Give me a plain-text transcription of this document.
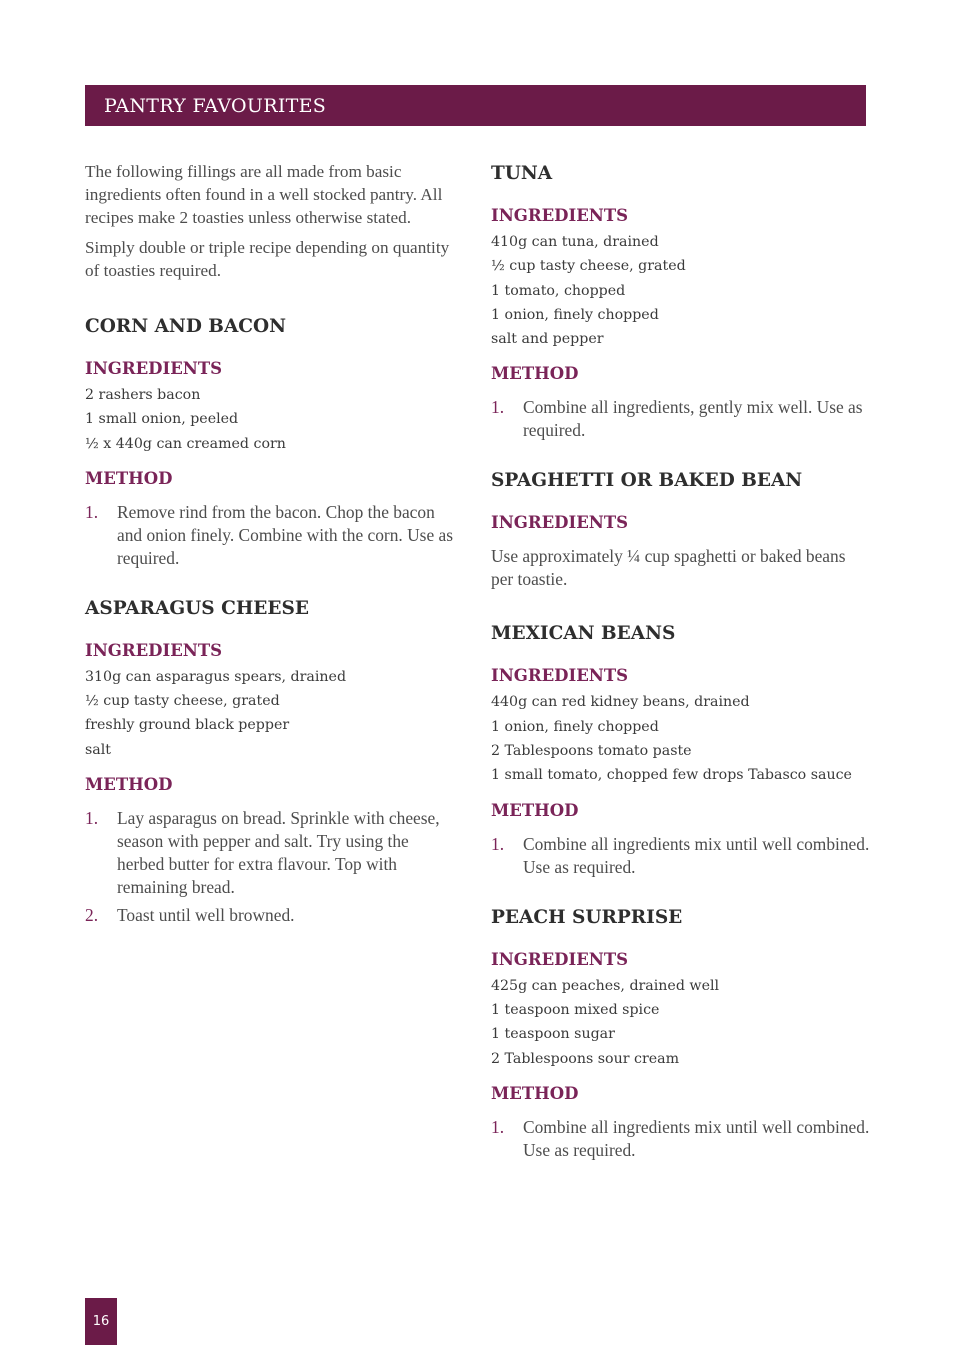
PANTRY FAVOURITES

The following fillings are all made from basic ingredients often found in a well stocked pantry. All recipes make 2 toasties unless otherwise stated.

Simply double or triple recipe depending on quantity of toasties required.

CORN AND BACON
INGREDIENTS
2 rashers bacon
1 small onion, peeled
½ x 440g can creamed corn
METHOD
1.	Remove rind from the bacon. Chop the bacon and onion finely. Combine with the corn. Use as required.
ASPARAGUS CHEESE
INGREDIENTS
310g can asparagus spears, drained
½ cup tasty cheese, grated
freshly ground black pepper
salt
METHOD
1.	Lay asparagus on bread. Sprinkle with cheese, season with pepper and salt. Try using the herbed butter for extra flavour. Top with remaining bread.
2.	Toast until well browned.
TUNA
INGREDIENTS
410g can tuna, drained
½ cup tasty cheese, grated
1 tomato, chopped
1 onion, finely chopped
salt and pepper
METHOD
1.	Combine all ingredients, gently mix well. Use as required.
SPAGHETTI OR BAKED BEAN
INGREDIENTS

Use approximately ¼ cup spaghetti or baked beans per toastie.

MEXICAN BEANS
INGREDIENTS
440g can red kidney beans, drained
1 onion, finely chopped
2 Tablespoons tomato paste
1 small tomato, chopped few drops Tabasco sauce
METHOD
1.	Combine all ingredients mix until well combined. Use as required.
PEACH SURPRISE
INGREDIENTS
425g can peaches, drained well
1 teaspoon mixed spice
1 teaspoon sugar
2 Tablespoons sour cream
METHOD
1.	Combine all ingredients mix until well combined. Use as required.
16
